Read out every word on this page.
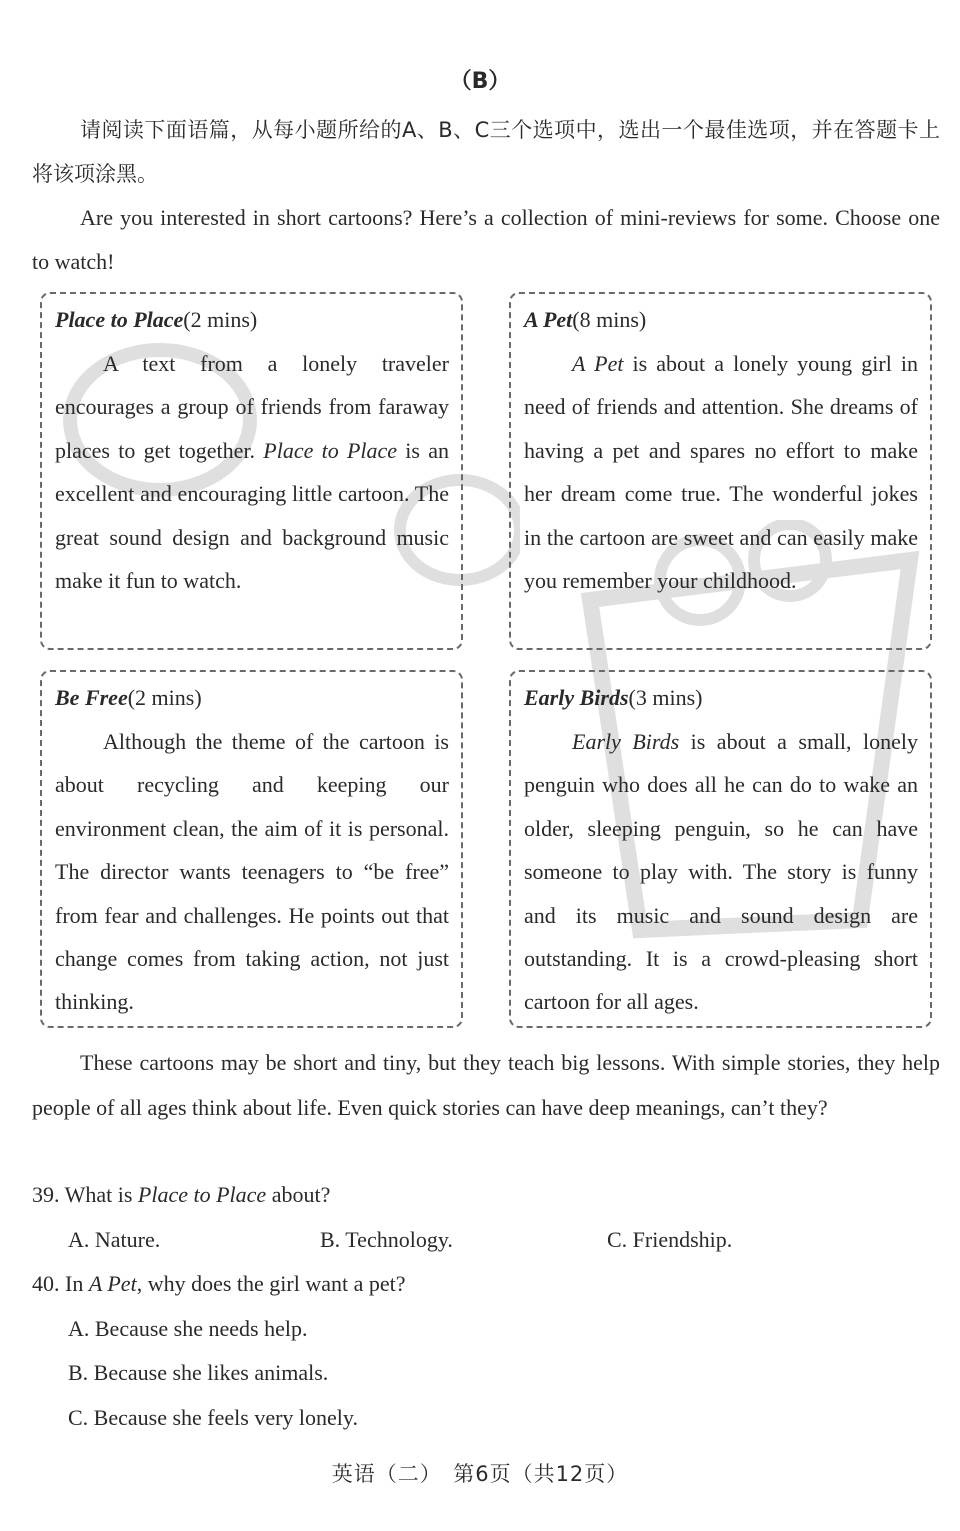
（B）
请阅读下面语篇，从每小题所给的A、B、C三个选项中，选出一个最佳选项，并在答题卡上将该项涂黑。
Are you interested in short cartoons? Here’s a collection of mini-reviews for some. Choose one to watch!
Place to Place(2 mins)
A text from a lonely traveler encourages a group of friends from faraway places to get together. Place to Place is an excellent and encouraging little cartoon. The great sound design and background music make it fun to watch.
A Pet(8 mins)
A Pet is about a lonely young girl in need of friends and attention. She dreams of having a pet and spares no effort to make her dream come true. The wonderful jokes in the cartoon are sweet and can easily make you remember your childhood.
Be Free(2 mins)
Although the theme of the cartoon is about recycling and keeping our environment clean, the aim of it is personal. The director wants teenagers to “be free” from fear and challenges. He points out that change comes from taking action, not just thinking.
Early Birds(3 mins)
Early Birds is about a small, lonely penguin who does all he can do to wake an older, sleeping penguin, so he can have someone to play with. The story is funny and its music and sound design are outstanding. It is a crowd-pleasing short cartoon for all ages.
These cartoons may be short and tiny, but they teach big lessons. With simple stories, they help people of all ages think about life. Even quick stories can have deep meanings, can’t they?
39. What is Place to Place about?
A. Nature.	B. Technology.	C. Friendship.
40. In A Pet, why does the girl want a pet?
A. Because she needs help.
B. Because she likes animals.
C. Because she feels very lonely.
英语（二）　第6页（共12页）
